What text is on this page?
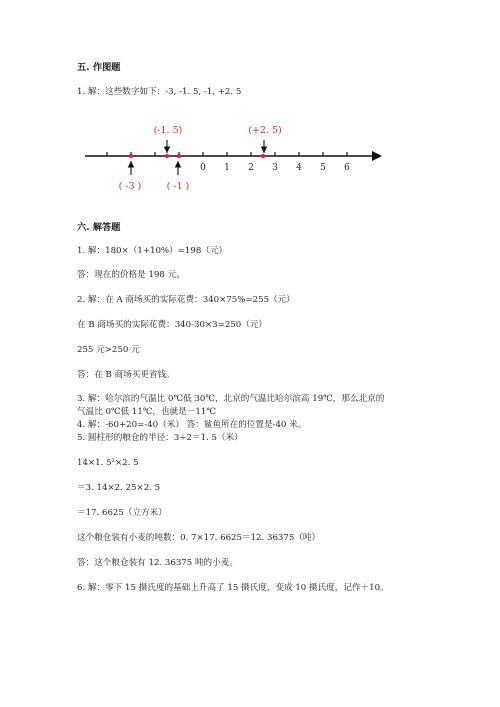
五. 作图题
1. 解：这些数字如下：-3, -1. 5, -1, +2. 5
0 1 2 3 4 5 6
(-1. 5)	(+2. 5)
( -3 )	( -1 )
六. 解答题
1. 解：180×（1+10%）=198（元）
答：现在的价格是 198 元。
2. 解：在 A 商场买的实际花费：340×75%=255（元）
在 B 商场买的实际花费：340-30×3=250（元）
255 元>250 元
答：在 B 商场买更省钱。
3. 解：哈尔滨的气温比 0℃低 30℃，北京的气温比哈尔滨高 19℃，那么北京的
气温比 0℃低 11℃，也就是－11℃
4. 解：-60+20=-40（米） 答：鲨鱼所在的位置是-40 米。
5. 圆柱形的粮仓的半径：3÷2＝1. 5（米）
14×1. 5²×2. 5
＝3. 14×2. 25×2. 5
＝17. 6625（立方米）
这个粮仓装有小麦的吨数：0. 7×17. 6625＝12. 36375（吨）
答：这个粮仓装有 12. 36375 吨的小麦。
6. 解：零下 15 摄氏度的基础上升高了 15 摄氏度，变成 10 摄氏度，记作＋10。
